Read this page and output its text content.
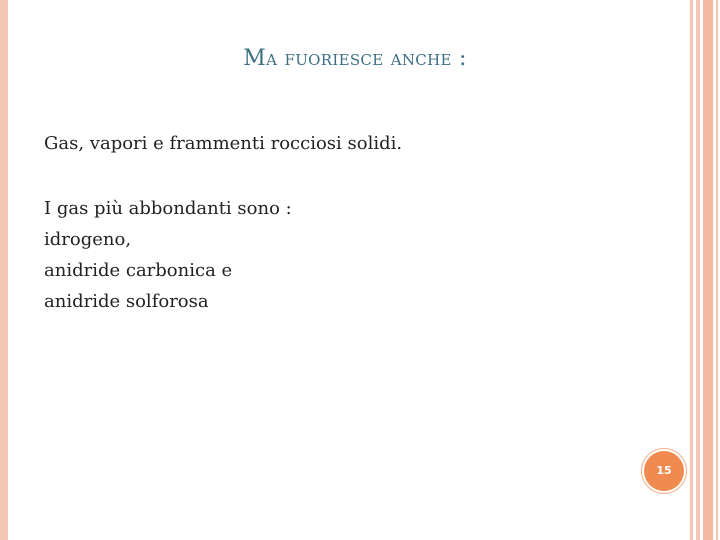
Ma fuoriesce anche :
Gas, vapori e frammenti rocciosi solidi.
I gas più abbondanti sono :
idrogeno,
anidride carbonica e
anidride solforosa
15
